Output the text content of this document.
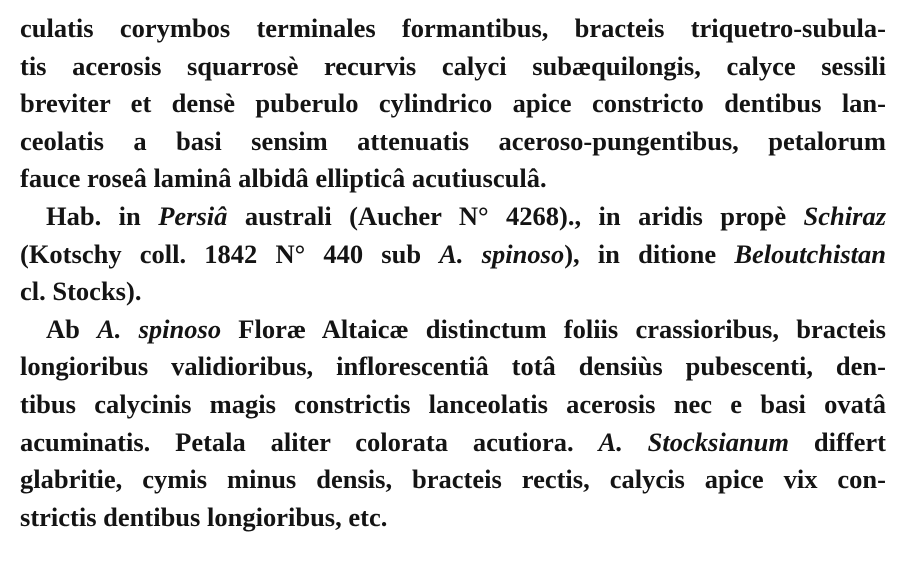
culatis corymbos terminales formantibus, bracteis triquetro-subula-
tis acerosis squarrosè recurvis calyci subæquilongis, calyce sessili
breviter et densè puberulo cylindrico apice constricto dentibus lan-
ceolatis a basi sensim attenuatis aceroso-pungentibus, petalorum
fauce roseâ laminâ albidâ ellipticâ acutiusculâ.

Hab. in Persiâ australi (Aucher N° 4268)., in aridis propè Schiraz
(Kotschy coll. 1842 N° 440 sub A. spinoso), in ditione Beloutchistan
cl. Stocks).

Ab A. spinoso Floræ Altaicæ distinctum foliis crassioribus, bracteis
longioribus validioribus, inflorescentiâ totâ densiùs pubescenti, den-
tibus calycinis magis constrictis lanceolatis acerosis nec e basi ovatâ
acuminatis. Petala aliter colorata acutiora. A. Stocksianum differt
glabritie, cymis minus densis, bracteis rectis, calycis apice vix con-
strictis dentibus longioribus, etc.
